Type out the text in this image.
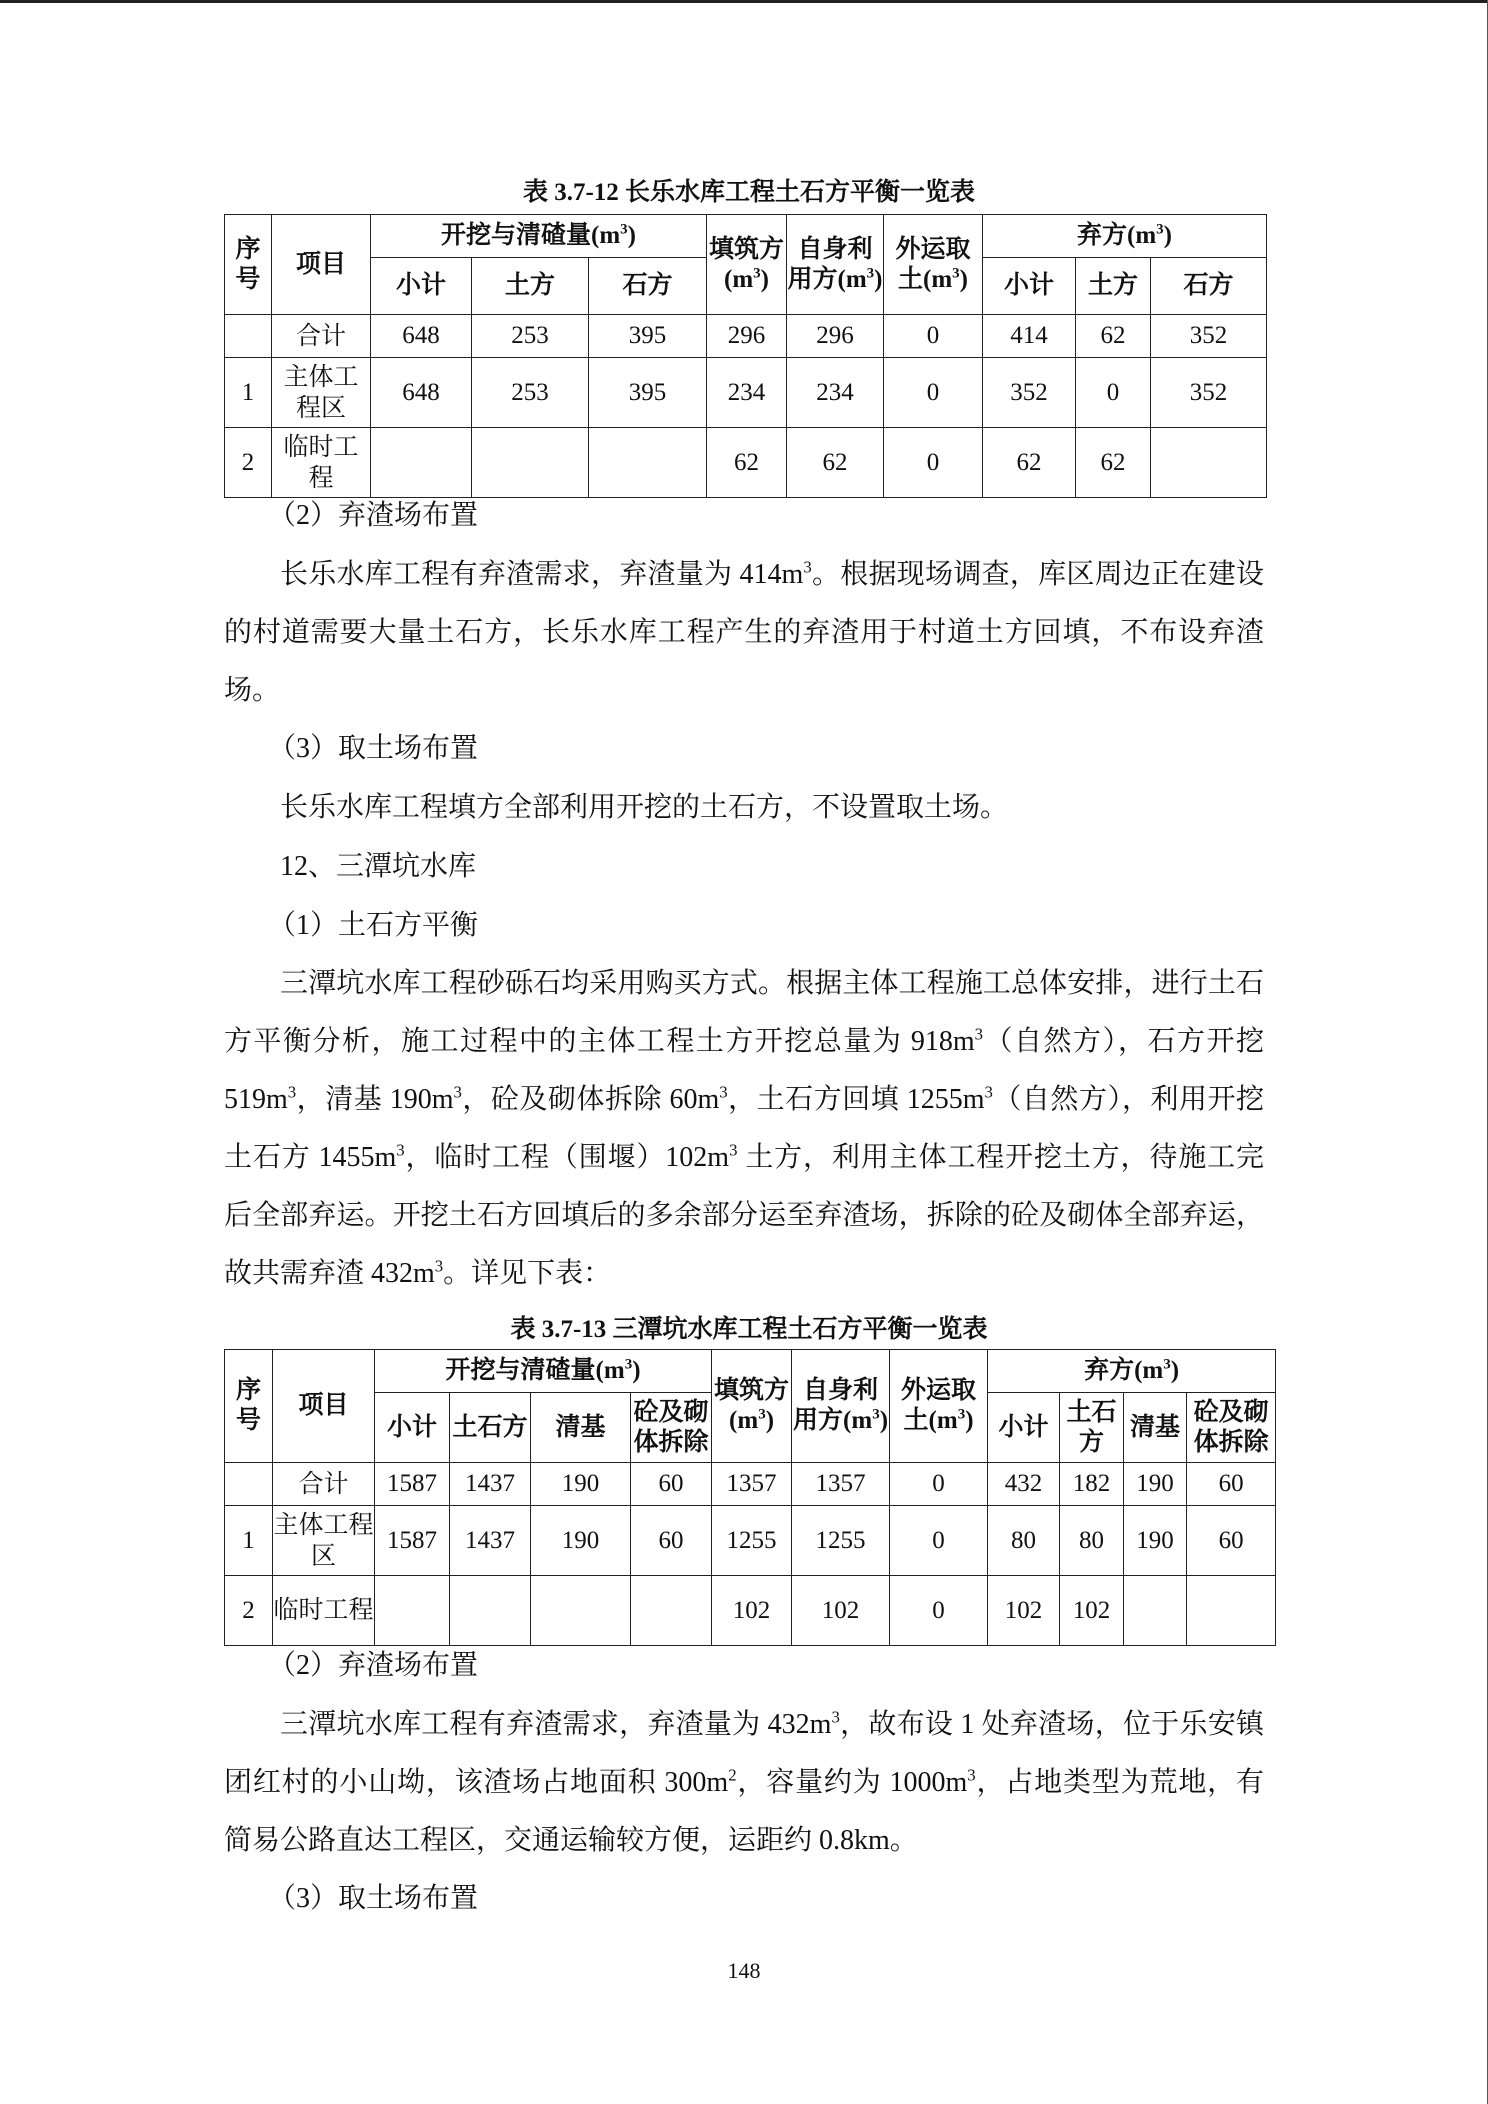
表 3.7-12 长乐水库工程土石方平衡一览表
序号	项目	开挖与清碴量$(m^3)$			填筑方$(m^3)$	自身利用方$(m^3)$	外运取土$(m^3)$	弃方$(m^3)$		
		小计	土方	石方				小计	土方	石方
	合计	648	253	395	296	296	0	414	62	352
1	主体工程区	648	253	395	234	234	0	352	0	352
2	临时工程				62	62	0	62	62	
（2）弃渣场布置
长乐水库工程有弃渣需求，弃渣量为 $414m^3$。根据现场调查，库区周边正在建设的村道需要大量土石方，长乐水库工程产生的弃渣用于村道土方回填，不布设弃渣场。
（3）取土场布置
长乐水库工程填方全部利用开挖的土石方，不设置取土场。
12、三潭坑水库
（1）土石方平衡
三潭坑水库工程砂砾石均采用购买方式。根据主体工程施工总体安排，进行土石方平衡分析，施工过程中的主体工程土方开挖总量为 $918m^3$（自然方），石方开挖 $519m^3$，清基 $190m^3$，砼及砌体拆除 $60m^3$，土石方回填 $1255m^3$（自然方），利用开挖土石方 $1455m^3$，临时工程（围堰）$102m^3$ 土方，利用主体工程开挖土方，待施工完后全部弃运。开挖土石方回填后的多余部分运至弃渣场，拆除的砼及砌体全部弃运，故共需弃渣 $432m^3$。详见下表：
表 3.7-13 三潭坑水库工程土石方平衡一览表
序号	项目	开挖与清碴量$(m^3)$				填筑方$(m^3)$	自身利用方$(m^3)$	外运取土$(m^3)$	弃方$(m^3)$			
		小计	土石方	清基	砼及砌体拆除				小计	土石方	清基	砼及砌体拆除
	合计	1587	1437	190	60	1357	1357	0	432	182	190	60
1	主体工程区	1587	1437	190	60	1255	1255	0	80	80	190	60
2	临时工程					102	102	0	102	102		
（2）弃渣场布置
三潭坑水库工程有弃渣需求，弃渣量为 $432m^3$，故布设 1 处弃渣场，位于乐安镇团红村的小山坳，该渣场占地面积 $300m^2$，容量约为 $1000m^3$，占地类型为荒地，有简易公路直达工程区，交通运输较方便，运距约 0.8km。
（3）取土场布置
148
